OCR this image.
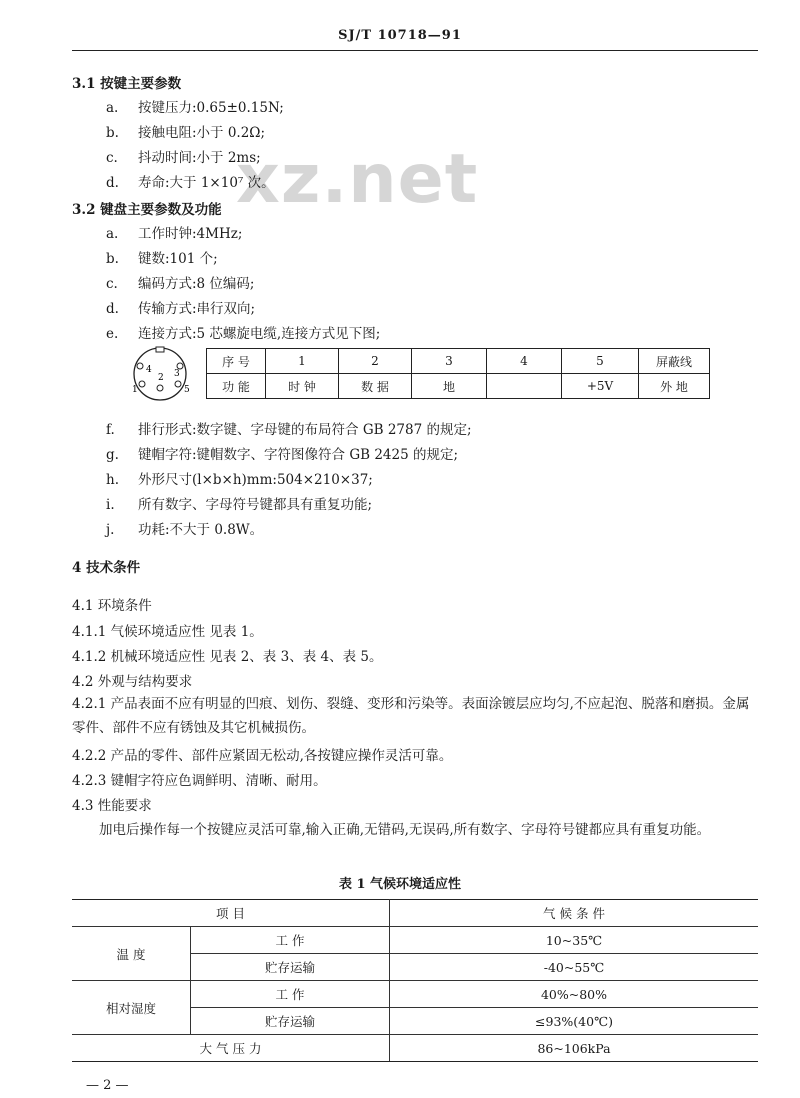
SJ/T 10718—91
xz.net
3.1 按键主要参数
a. 按键压力:0.65±0.15N;
b. 接触电阻:小于 0.2Ω;
c. 抖动时间:小于 2ms;
d. 寿命:大于 1×10⁷ 次。
3.2 键盘主要参数及功能
a. 工作时钟:4MHz;
b. 键数:101 个;
c. 编码方式:8 位编码;
d. 传输方式:串行双向;
e. 连接方式:5 芯螺旋电缆,连接方式见下图;
1
2 3
4
5
序 号	1	2	3	4	5	屏蔽线
功 能	时 钟	数 据	地		+5V	外 地
f. 排行形式:数字键、字母键的布局符合 GB 2787 的规定;
g. 键帽字符:键帽数字、字符图像符合 GB 2425 的规定;
h. 外形尺寸(l×b×h)mm:504×210×37;
i. 所有数字、字母符号键都具有重复功能;
j. 功耗:不大于 0.8W。
4 技术条件
4.1 环境条件
4.1.1 气候环境适应性 见表 1。
4.1.2 机械环境适应性 见表 2、表 3、表 4、表 5。
4.2 外观与结构要求
4.2.1 产品表面不应有明显的凹痕、划伤、裂缝、变形和污染等。表面涂镀层应均匀,不应起泡、脱落和磨损。金属零件、部件不应有锈蚀及其它机械损伤。
4.2.2 产品的零件、部件应紧固无松动,各按键应操作灵活可靠。
4.2.3 键帽字符应色调鲜明、清晰、耐用。
4.3 性能要求
加电后操作每一个按键应灵活可靠,输入正确,无错码,无误码,所有数字、字母符号键都应具有重复功能。
表 1 气候环境适应性
项 目		气 候 条 件
温 度	工 作	10~35℃
	贮存运输	-40~55℃
相对湿度	工 作	40%~80%
	贮存运输	≤93%(40℃)
大 气 压 力		86~106kPa
— 2 —
